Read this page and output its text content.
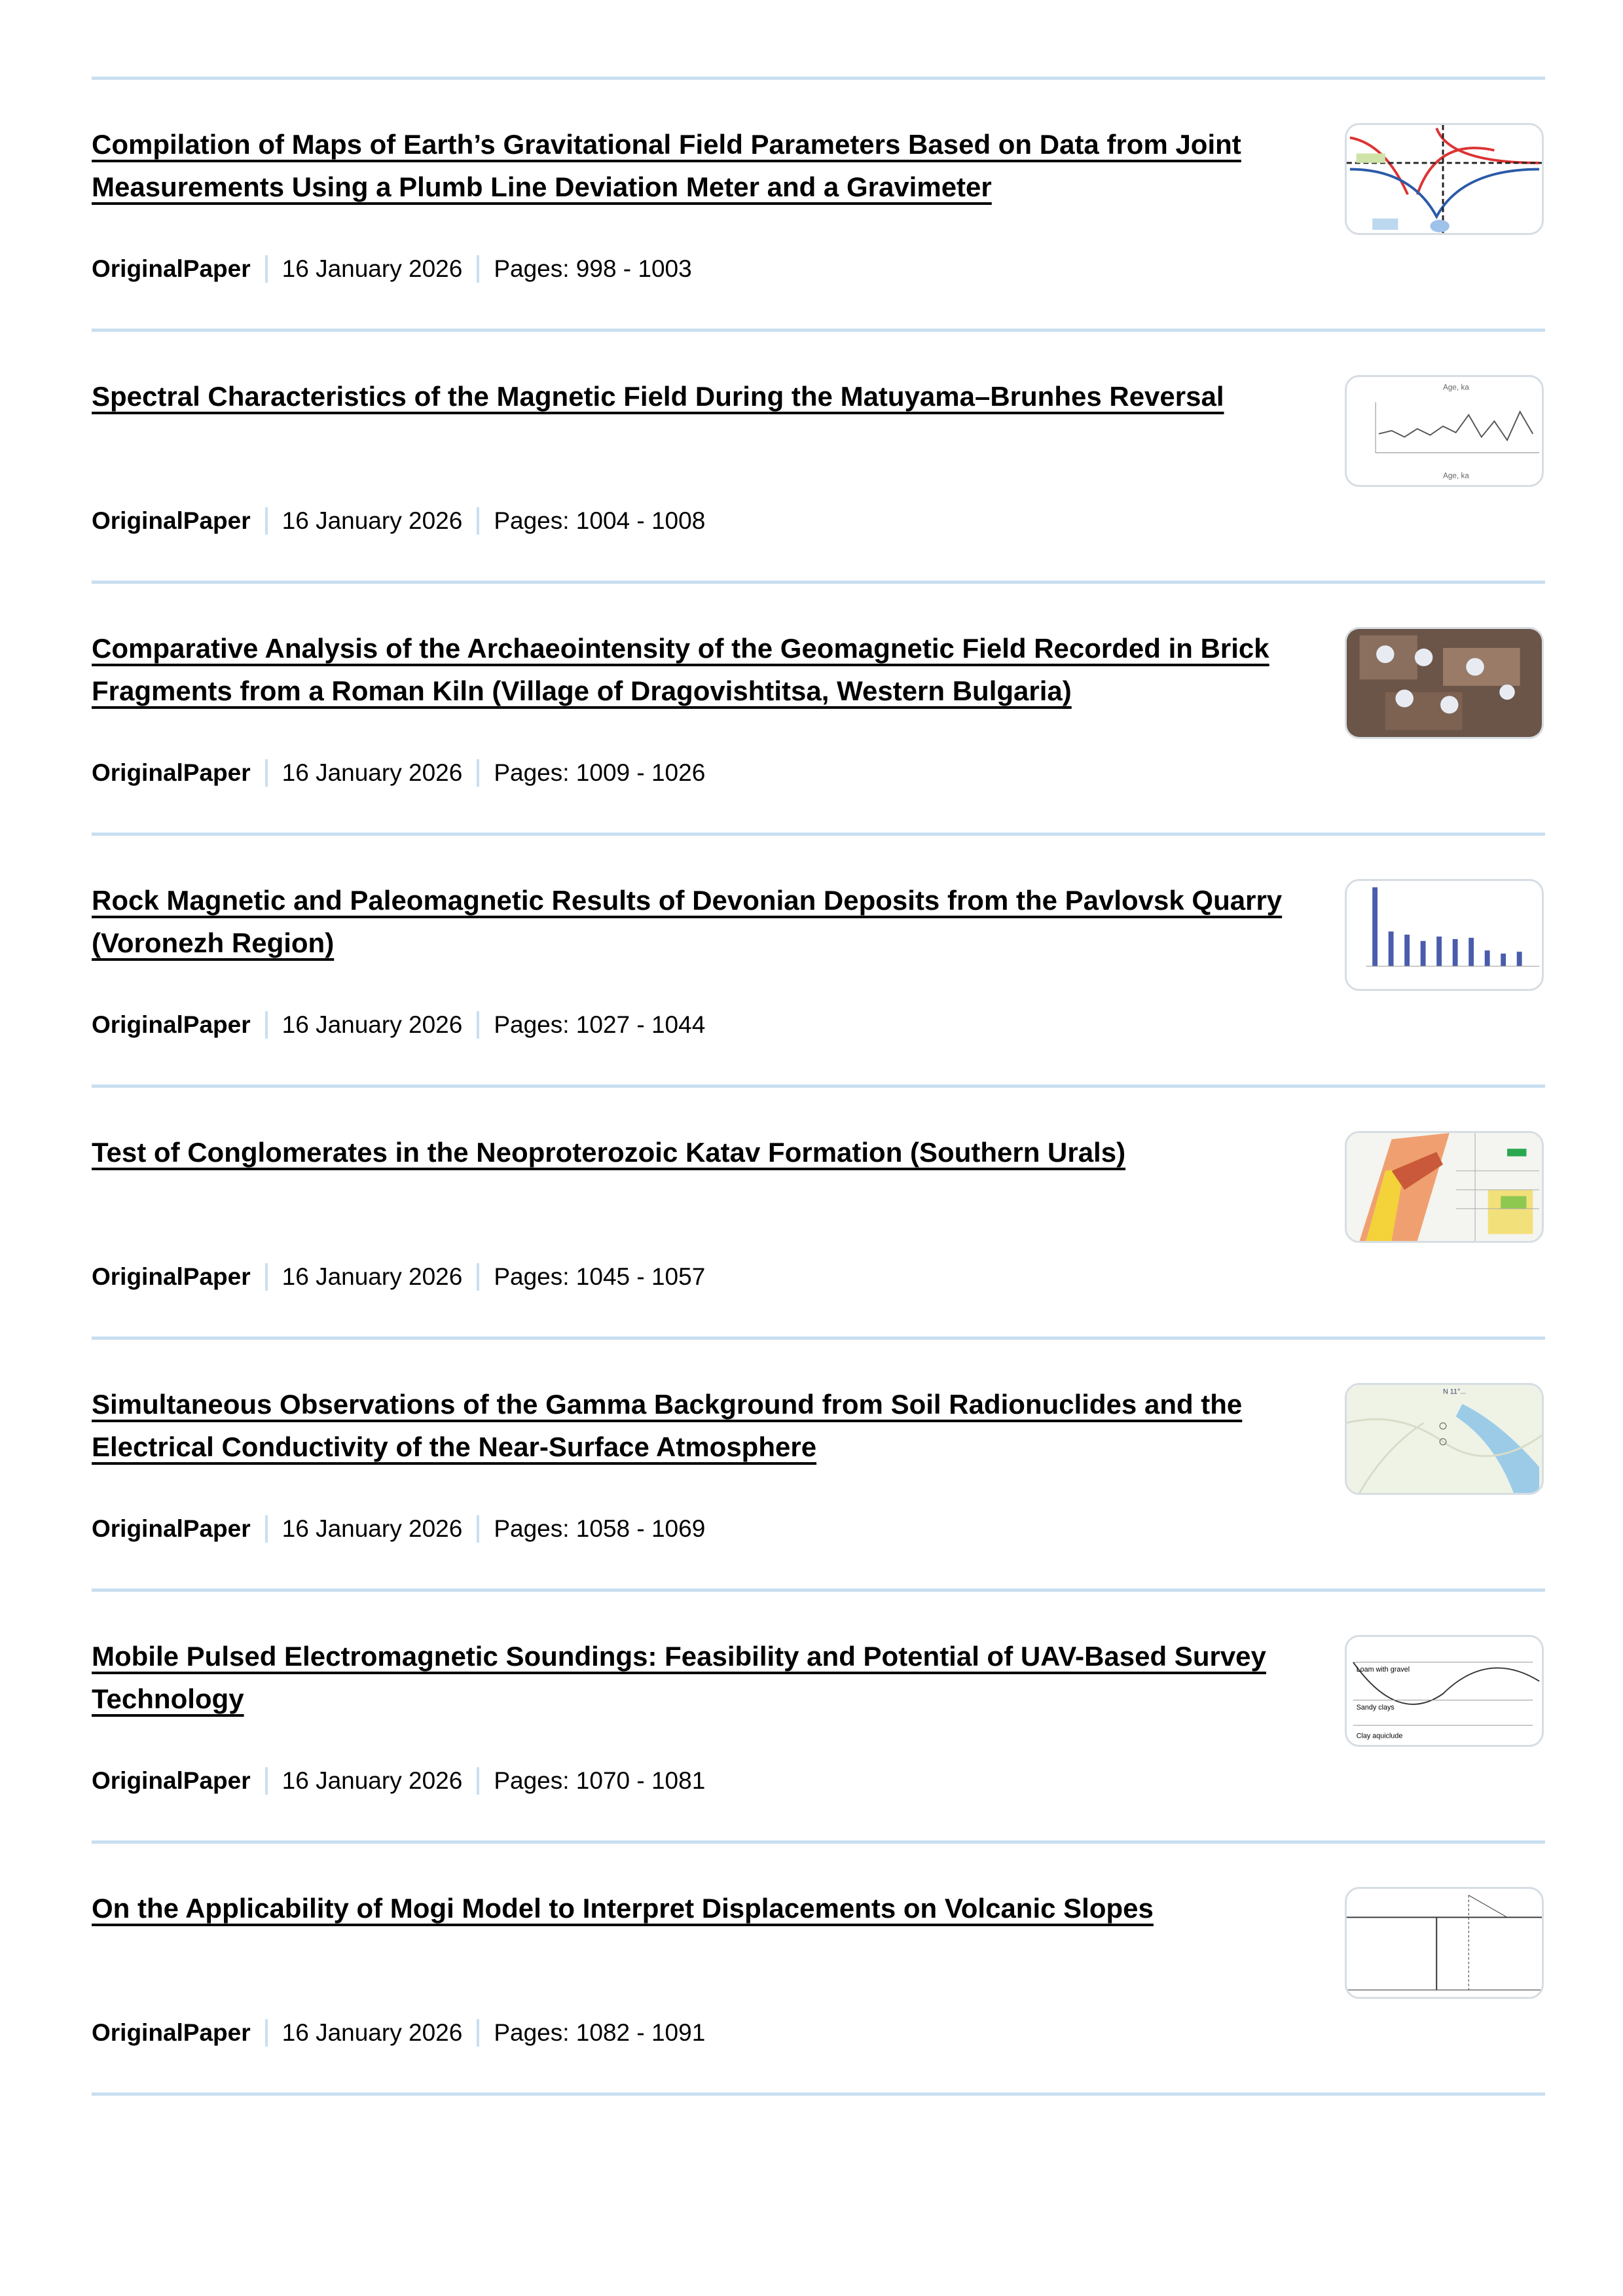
Compilation of Maps of Earth’s Gravitational Field Parameters Based on Data from Joint Measurements Using a Plumb Line Deviation Meter and a Gravimeter
OriginalPaper 16 January 2026 Pages: 998 - 1003
Spectral Characteristics of the Magnetic Field During the Matuyama–Brunhes Reversal
OriginalPaper 16 January 2026 Pages: 1004 - 1008
Age, ka
Age, ka
Comparative Analysis of the Archaeointensity of the Geomagnetic Field Recorded in Brick Fragments from a Roman Kiln (Village of Dragovishtitsa, Western Bulgaria)
OriginalPaper 16 January 2026 Pages: 1009 - 1026
Rock Magnetic and Paleomagnetic Results of Devonian Deposits from the Pavlovsk Quarry (Voronezh Region)
OriginalPaper 16 January 2026 Pages: 1027 - 1044
Test of Conglomerates in the Neoproterozoic Katav Formation (Southern Urals)
OriginalPaper 16 January 2026 Pages: 1045 - 1057
Simultaneous Observations of the Gamma Background from Soil Radionuclides and the Electrical Conductivity of the Near-Surface Atmosphere
OriginalPaper 16 January 2026 Pages: 1058 - 1069
N 11°...
Mobile Pulsed Electromagnetic Soundings: Feasibility and Potential of UAV-Based Survey Technology
OriginalPaper 16 January 2026 Pages: 1070 - 1081
Loam with gravel
Sandy clays
Clay aquiclude
On the Applicability of Mogi Model to Interpret Displacements on Volcanic Slopes
OriginalPaper 16 January 2026 Pages: 1082 - 1091
